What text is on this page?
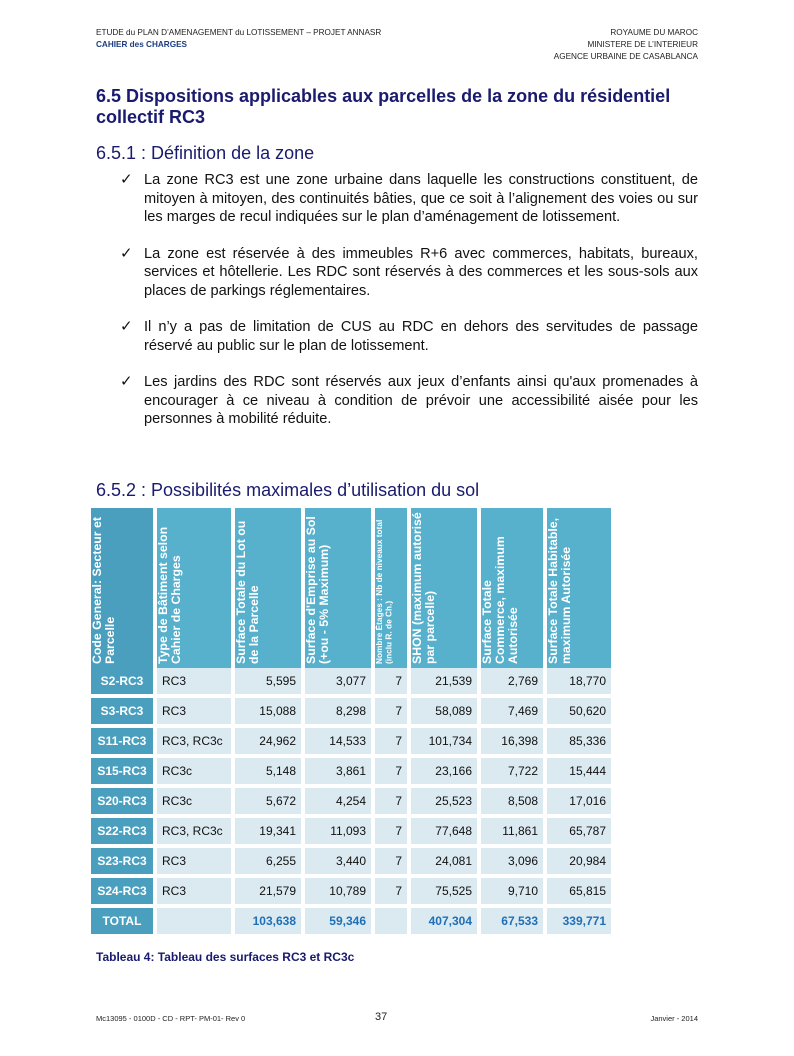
ETUDE du PLAN D’AMENAGEMENT du LOTISSEMENT – PROJET ANNASR
CAHIER des CHARGES
ROYAUME DU MAROC
MINISTERE DE L’INTERIEUR
AGENCE URBAINE DE CASABLANCA
6.5 Dispositions applicables aux parcelles de la zone du résidentiel collectif RC3
6.5.1 : Définition de la zone
✓ La zone RC3 est une zone urbaine dans laquelle les constructions constituent, de mitoyen à mitoyen, des continuités bâties, que ce soit à l’alignement des voies ou sur les marges de recul indiquées sur le plan d’aménagement de lotissement.
✓ La zone est réservée à des immeubles R+6 avec commerces, habitats, bureaux, services et hôtellerie. Les RDC sont réservés à des commerces et les sous-sols aux places de parkings réglementaires.
✓ Il n’y a pas de limitation de CUS au RDC en dehors des servitudes de passage réservé au public sur le plan de lotissement.
✓ Les jardins des RDC sont réservés aux jeux d’enfants ainsi qu'aux promenades à encourager à ce niveau à condition de prévoir une accessibilité aisée pour les personnes à mobilité réduite.
6.5.2 : Possibilités maximales d’utilisation du sol
Code General: Secteur et Parcelle	Type de Bâtiment selon Cahier de Charges	Surface Totale du Lot ou de la Parcelle	Surface d'Emprise au Sol (+ou - 5% Maximum)	Nombre Étages : Nb de niveaux total (inclu R. de Ch.)	SHON (maximum autorisé par parcelle)	Surface Totale Commerce, maximum Autorisée	Surface Totale Habitable, maximum Autorisée

S2-RC3	RC3	5,595	3,077	7	21,539	2,769	18,770
S3-RC3	RC3	15,088	8,298	7	58,089	7,469	50,620
S11-RC3	RC3, RC3c	24,962	14,533	7	101,734	16,398	85,336
S15-RC3	RC3c	5,148	3,861	7	23,166	7,722	15,444
S20-RC3	RC3c	5,672	4,254	7	25,523	8,508	17,016
S22-RC3	RC3, RC3c	19,341	11,093	7	77,648	11,861	65,787
S23-RC3	RC3	6,255	3,440	7	24,081	3,096	20,984
S24-RC3	RC3	21,579	10,789	7	75,525	9,710	65,815
TOTAL		103,638	59,346		407,304	67,533	339,771
Tableau 4: Tableau des surfaces RC3 et RC3c
Mc13095 - 0100D - CD - RPT- PM-01- Rev 0	37	Janvier - 2014
